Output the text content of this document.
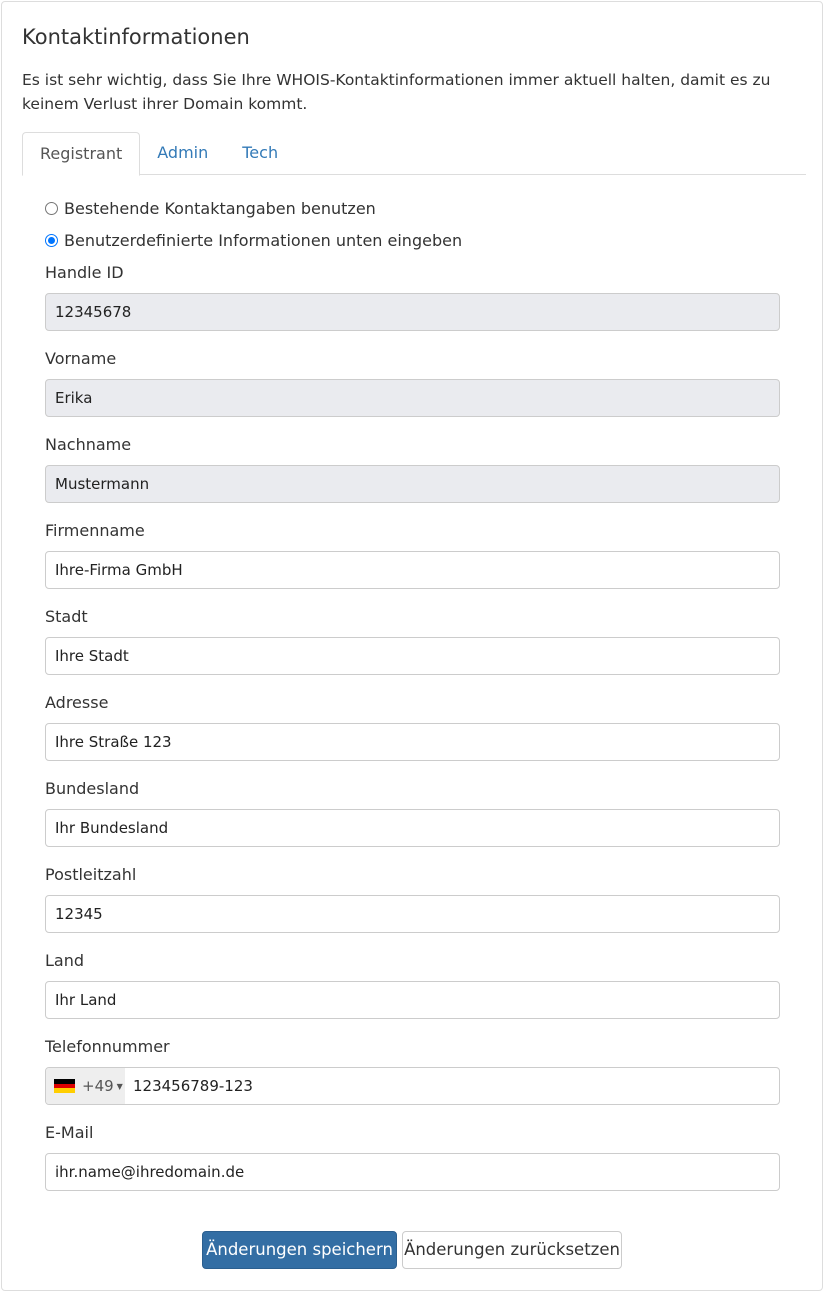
Kontaktinformationen

Es ist sehr wichtig, dass Sie Ihre WHOIS-Kontaktinformationen immer aktuell halten, damit es zu keinem Verlust ihrer Domain kommt.

Registrant	Admin	Tech
Bestehende Kontaktangaben benutzen
Benutzerdefinierte Informationen unten eingeben
Handle ID
12345678
Vorname
Erika
Nachname
Mustermann
Firmenname
Ihre-Firma GmbH
Stadt
Ihre Stadt
Adresse
Ihre Straße 123
Bundesland
Ihr Bundesland
Postleitzahl
12345
Land
Ihr Land
Telefonnummer
+49 ▼ 123456789-123
E-Mail
ihr.name@ihredomain.de
Änderungen speichern Änderungen zurücksetzen
